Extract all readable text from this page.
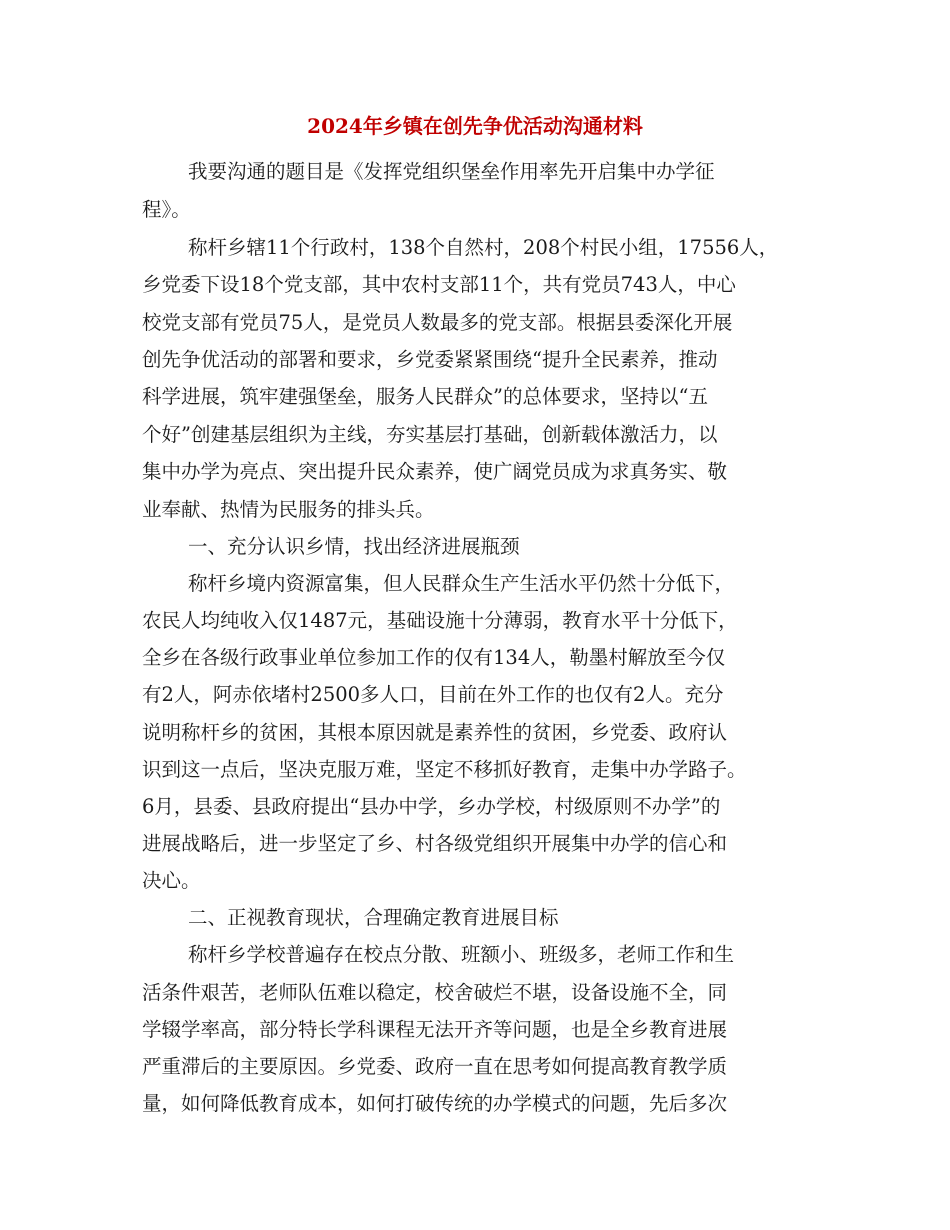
2024年乡镇在创先争优活动沟通材料
我要沟通的题目是《发挥党组织堡垒作用率先开启集中办学征
程》。
称杆乡辖11个行政村，138个自然村，208个村民小组，17556人，
乡党委下设18个党支部，其中农村支部11个，共有党员743人，中心
校党支部有党员75人，是党员人数最多的党支部。根据县委深化开展
创先争优活动的部署和要求，乡党委紧紧围绕“提升全民素养，推动
科学进展，筑牢建强堡垒，服务人民群众”的总体要求，坚持以“五
个好”创建基层组织为主线，夯实基层打基础，创新载体激活力，以
集中办学为亮点、突出提升民众素养，使广阔党员成为求真务实、敬
业奉献、热情为民服务的排头兵。
一、充分认识乡情，找出经济进展瓶颈
称杆乡境内资源富集，但人民群众生产生活水平仍然十分低下，
农民人均纯收入仅1487元，基础设施十分薄弱，教育水平十分低下，
全乡在各级行政事业单位参加工作的仅有134人，勒墨村解放至今仅
有2人，阿赤依堵村2500多人口，目前在外工作的也仅有2人。充分
说明称杆乡的贫困，其根本原因就是素养性的贫困，乡党委、政府认
识到这一点后，坚决克服万难，坚定不移抓好教育，走集中办学路子。
6月，县委、县政府提出“县办中学，乡办学校，村级原则不办学”的
进展战略后，进一步坚定了乡、村各级党组织开展集中办学的信心和
决心。
二、正视教育现状，合理确定教育进展目标
称杆乡学校普遍存在校点分散、班额小、班级多，老师工作和生
活条件艰苦，老师队伍难以稳定，校舍破烂不堪，设备设施不全，同
学辍学率高，部分特长学科课程无法开齐等问题，也是全乡教育进展
严重滞后的主要原因。乡党委、政府一直在思考如何提高教育教学质
量，如何降低教育成本，如何打破传统的办学模式的问题，先后多次
